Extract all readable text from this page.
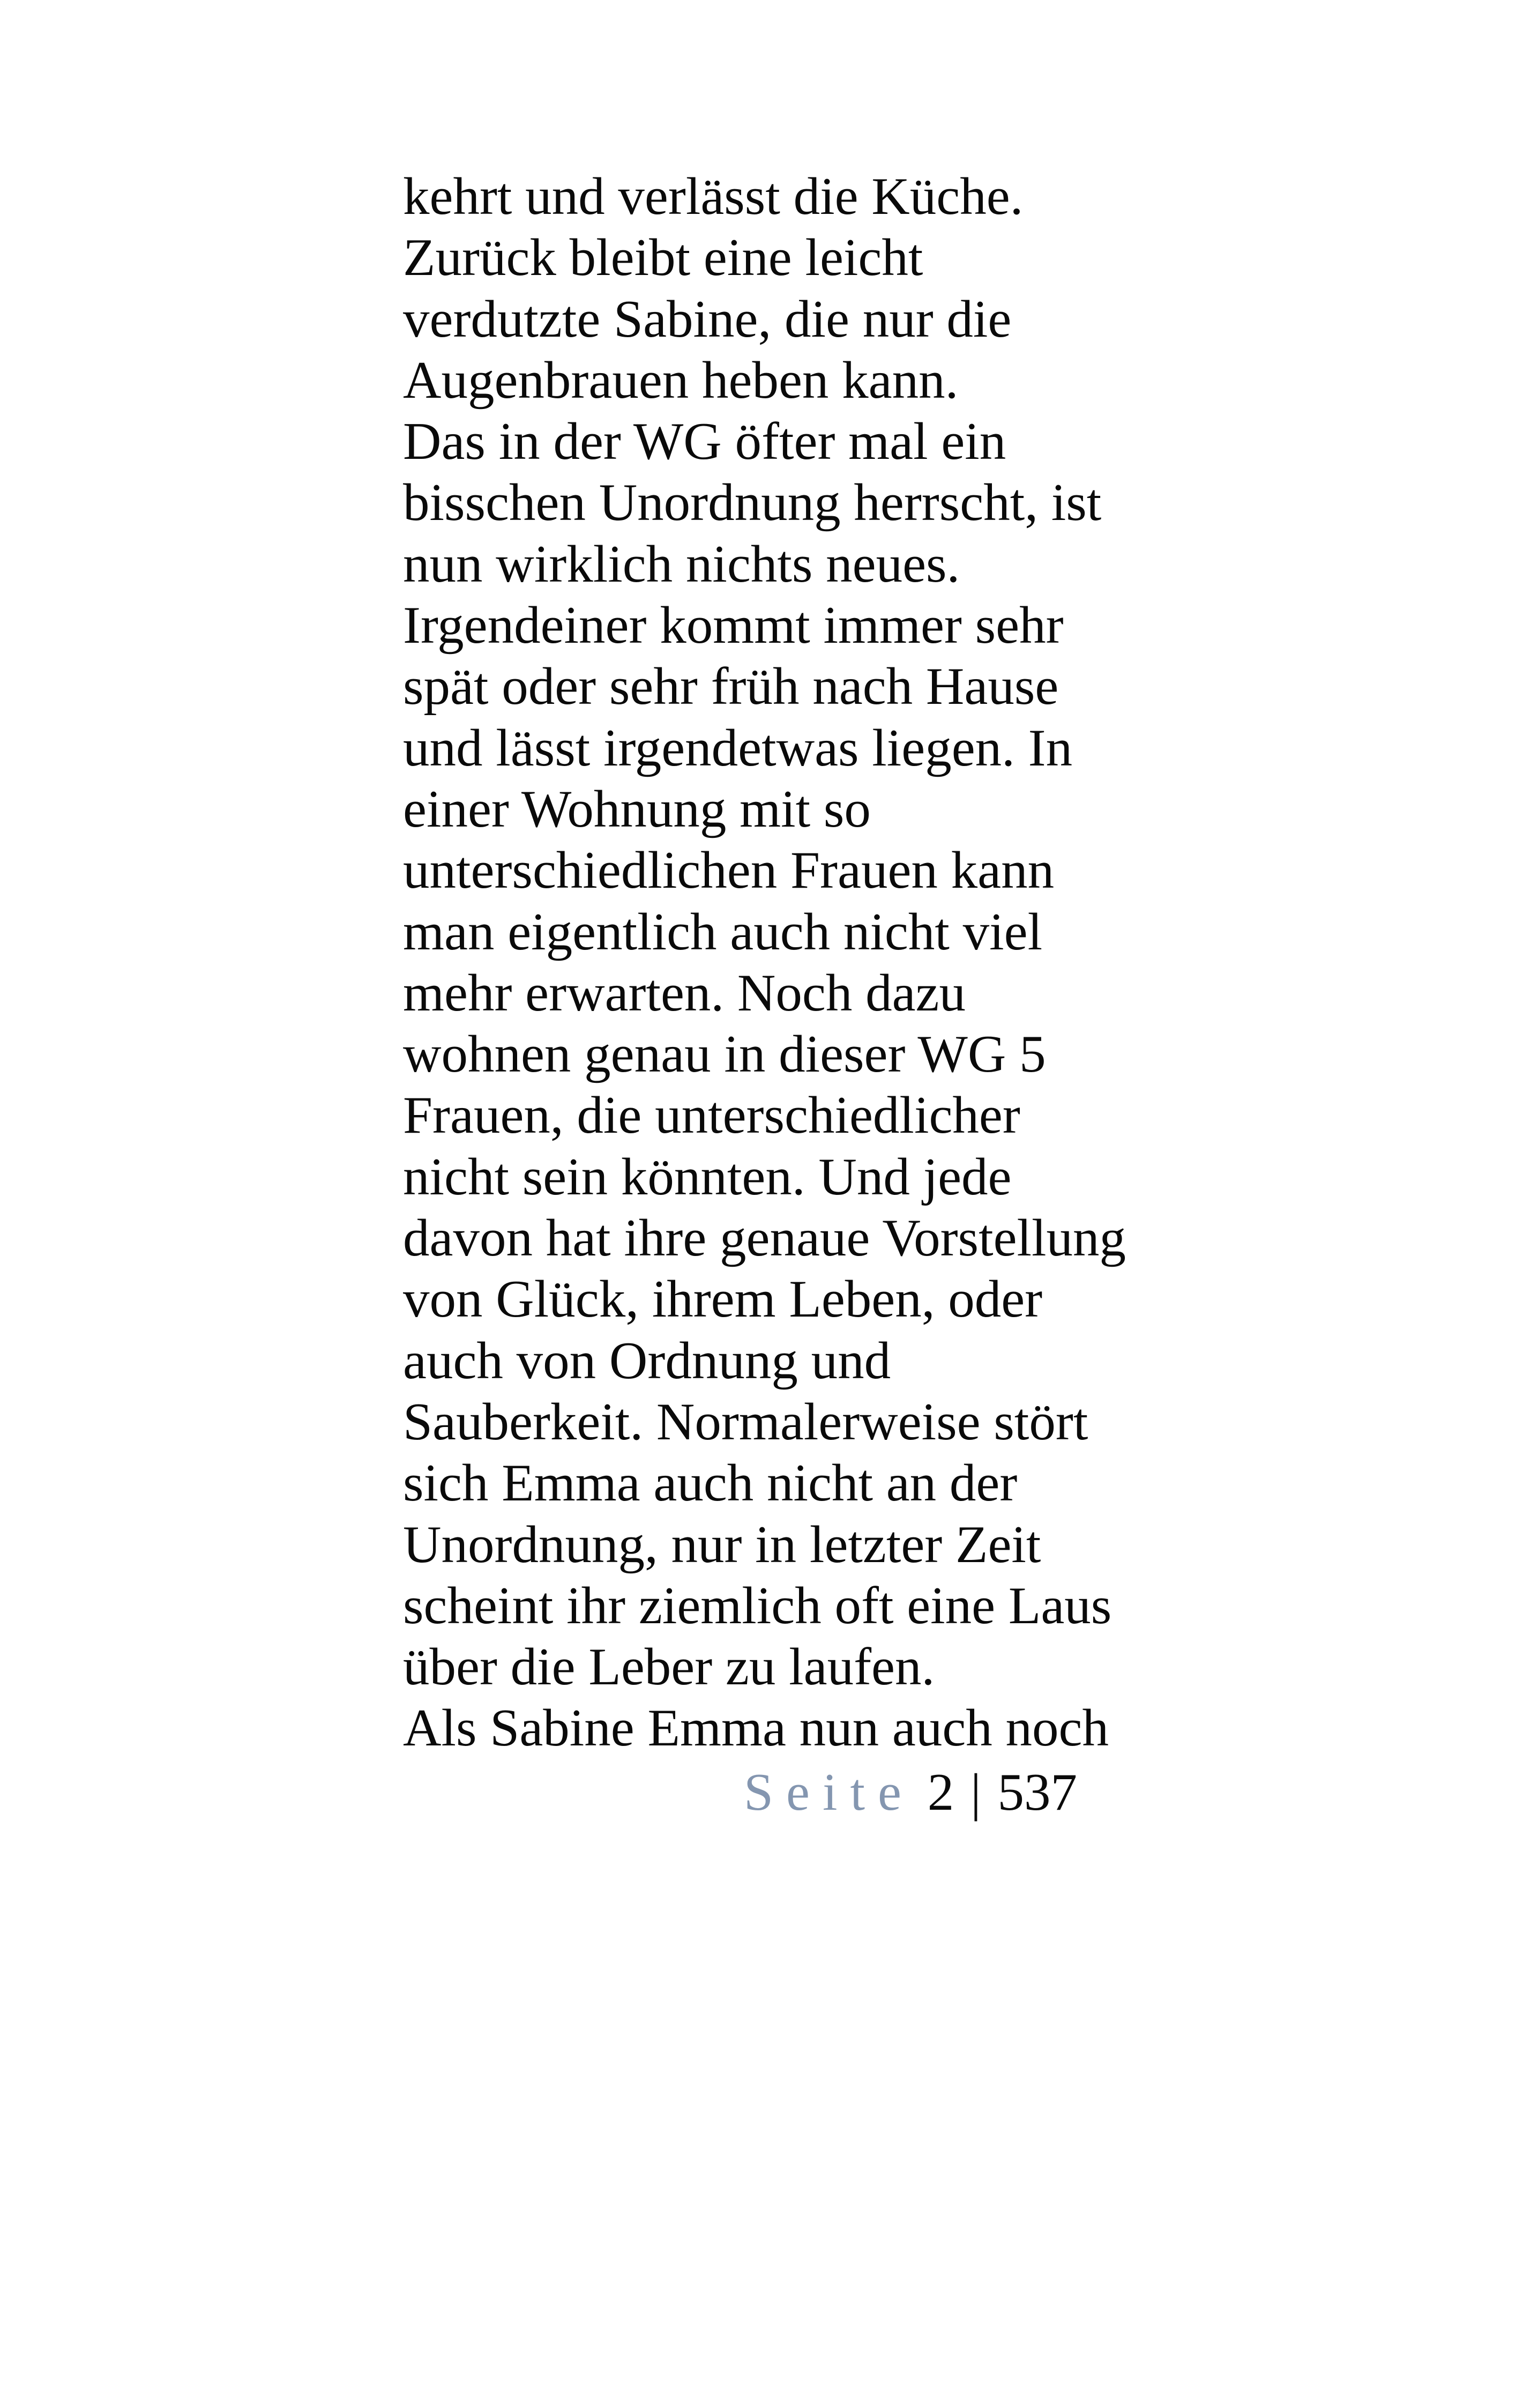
kehrt und verlässt die Küche.
Zurück bleibt eine leicht
verdutzte Sabine, die nur die
Augenbrauen heben kann.
Das in der WG öfter mal ein
bisschen Unordnung herrscht, ist
nun wirklich nichts neues.
Irgendeiner kommt immer sehr
spät oder sehr früh nach Hause
und lässt irgendetwas liegen. In
einer Wohnung mit so
unterschiedlichen Frauen kann
man eigentlich auch nicht viel
mehr erwarten. Noch dazu
wohnen genau in dieser WG 5
Frauen, die unterschiedlicher
nicht sein könnten. Und jede
davon hat ihre genaue Vorstellung
von Glück, ihrem Leben, oder
auch von Ordnung und
Sauberkeit. Normalerweise stört
sich Emma auch nicht an der
Unordnung, nur in letzter Zeit
scheint ihr ziemlich oft eine Laus
über die Leber zu laufen.
Als Sabine Emma nun auch noch
Seite 2 | 537
